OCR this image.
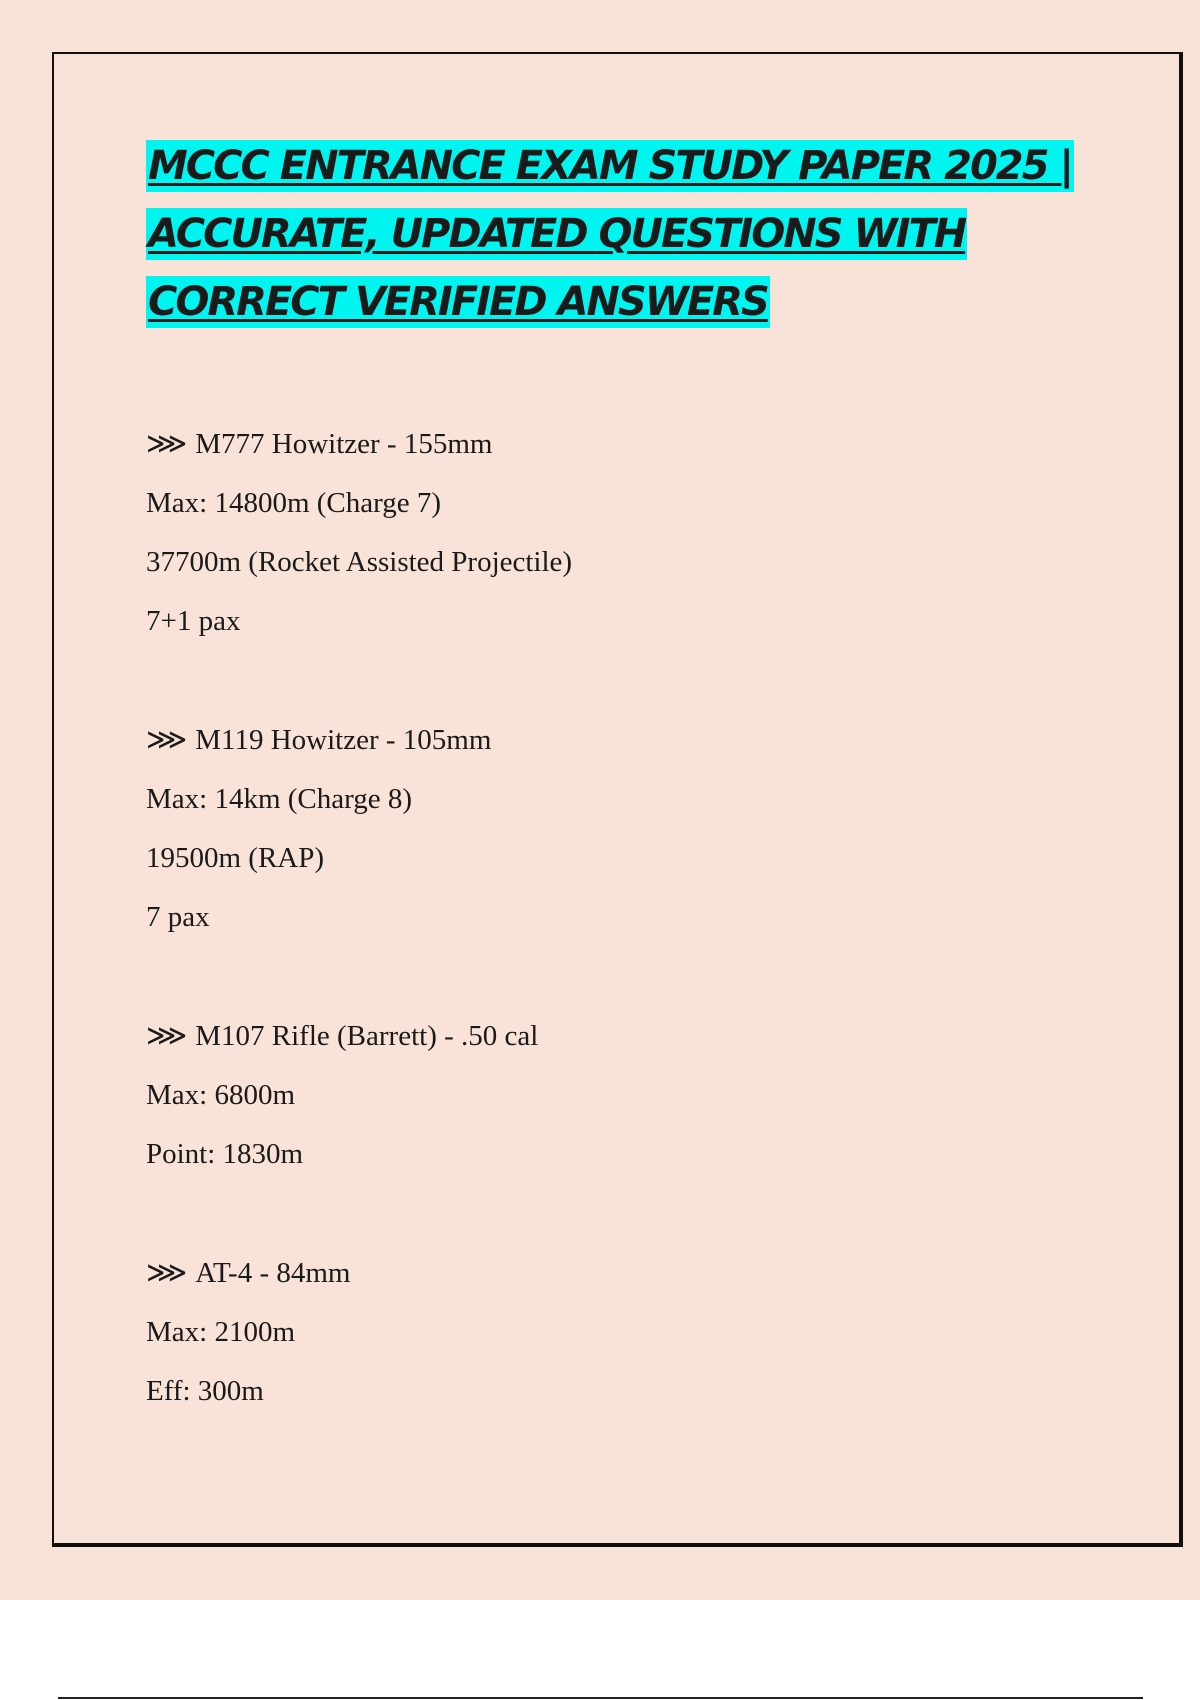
MCCC ENTRANCE EXAM STUDY PAPER 2025 |
ACCURATE, UPDATED QUESTIONS WITH
CORRECT VERIFIED ANSWERS
⋙ M777 Howitzer - 155mm
Max: 14800m (Charge 7)
37700m (Rocket Assisted Projectile)
7+1 pax
⋙ M119 Howitzer - 105mm
Max: 14km (Charge 8)
19500m (RAP)
7 pax
⋙ M107 Rifle (Barrett) - .50 cal
Max: 6800m
Point: 1830m
⋙ AT-4 - 84mm
Max: 2100m
Eff: 300m
